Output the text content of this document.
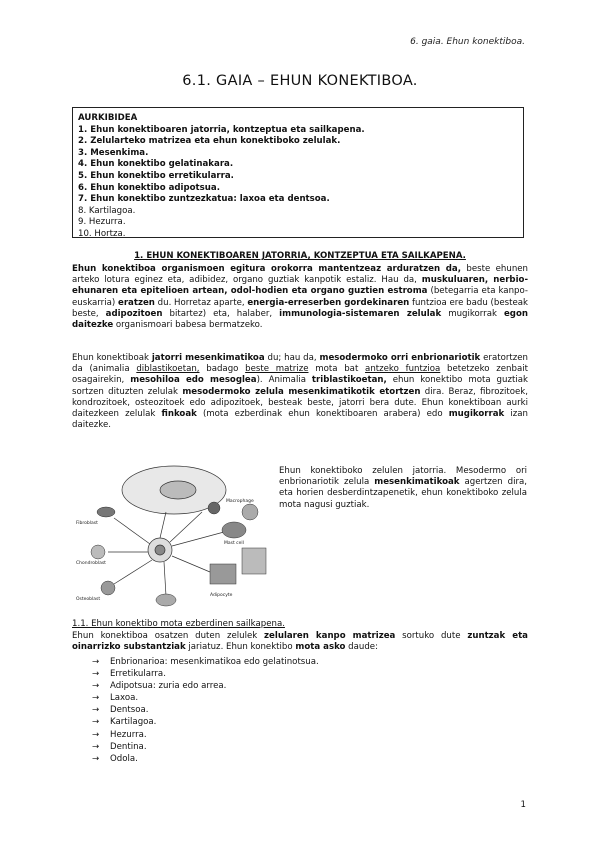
6. gaia. Ehun konektiboa.
6.1. GAIA – EHUN KONEKTIBOA.
AURKIBIDEA
1. Ehun konektiboaren jatorria, kontzeptua eta sailkapena.
2. Zelularteko matrizea eta ehun konektiboko zelulak.
3. Mesenkima.
4. Ehun konektibo gelatinakara.
5. Ehun konektibo erretikularra.
6. Ehun konektibo adipotsua.
7. Ehun konektibo zuntzezkatua: laxoa eta dentsoa.
8. Kartilagoa.
9. Hezurra.
10. Hortza.
1. EHUN KONEKTIBOAREN JATORRIA, KONTZEPTUA ETA SAILKAPENA.
Ehun konektiboa organismoen egitura orokorra mantentzeaz arduratzen da, beste ehunen arteko lotura eginez eta, adibidez, organo guztiak kanpotik estaliz. Hau da, muskuluaren, nerbio-ehunaren eta epitelioen artean, odol-hodien eta organo guztien estroma (betegarria eta kanpo-euskarria) eratzen du. Horretaz aparte, energia-erreserben gordekinaren funtzioa ere badu (besteak beste, adipozitoen bitartez) eta, halaber, immunologia-sistemaren zelulak mugikorrak egon daitezke organismoari babesa bermatzeko.
Ehun konektiboak jatorri mesenkimatikoa du; hau da, mesodermoko orri enbrionariotik eratortzen da (animalia diblastikoetan, badago beste matrize mota bat antzeko funtzioa betetzeko zenbait osagairekin, mesohiloa edo mesoglea). Animalia triblastikoetan, ehun konektibo mota guztiak sortzen dituzten zelulak mesodermoko zelula mesenkimatikotik etortzen dira. Beraz, fibrozitoek, kondrozitoek, osteozitoek edo adipozitoek, besteak beste, jatorri bera dute. Ehun konektiboan aurki daitezkeen zelulak finkoak (mota ezberdinak ehun konektiboaren arabera) edo mugikorrak izan daitezke.
Fibroblast
Chondroblast
Osteoblast
Adipocyte
Mast cell
Macrophage
Ehun konektiboko zelulen jatorria. Mesodermo ori enbrionariotik zelula mesenkimatikoak agertzen dira, eta horien desberdintzapenetik, ehun konektiboko zelula mota nagusi guztiak.
1.1. Ehun konektibo mota ezberdinen sailkapena.
Ehun konektiboa osatzen duten zelulek zelularen kanpo matrizea sortuko dute zuntzak eta oinarrizko substantziak jariatuz. Ehun konektibo mota asko daude:
→ Enbrionarioa: mesenkimatikoa edo gelatinotsua.
→ Erretikularra.
→ Adipotsua: zuria edo arrea.
→ Laxoa.
→ Dentsoa.
→ Kartilagoa.
→ Hezurra.
→ Dentina.
→ Odola.
1
